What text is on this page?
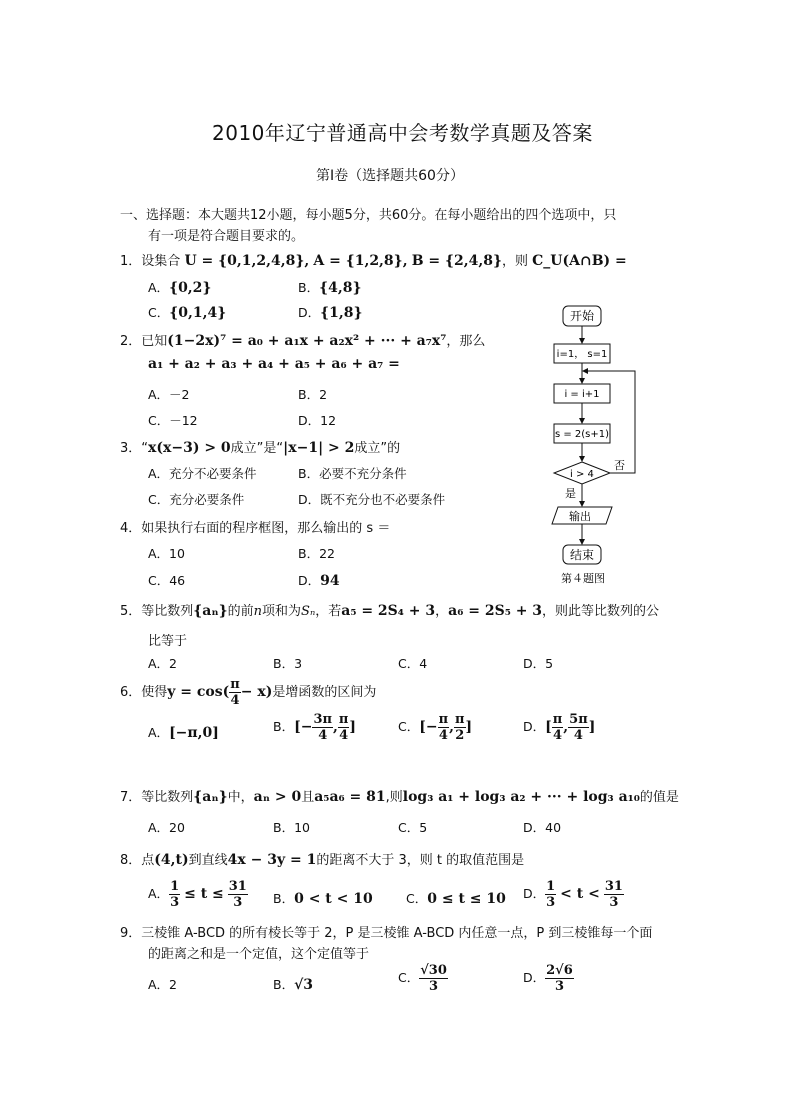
2010年辽宁普通高中会考数学真题及答案
第Ⅰ卷（选择题共60分）
一、选择题：本大题共12小题，每小题5分，共60分。在每小题给出的四个选项中，只
有一项是符合题目要求的。
1．设集合 U = {0,1,2,4,8}, A = {1,2,8}, B = {2,4,8}，则 C_U(A∩B) =
A．{0,2}	B．{4,8}
C．{0,1,4}	D．{1,8}
2．已知(1−2x)⁷ = a₀ + a₁x + a₂x² + ··· + a₇x⁷，那么
a₁ + a₂ + a₃ + a₄ + a₅ + a₆ + a₇ =
A．－2	B．2
C．－12	D．12
3．“x(x−3) > 0成立”是“|x−1| > 2成立”的
A．充分不必要条件	B．必要不充分条件
C．充分必要条件	D．既不充分也不必要条件
4．如果执行右面的程序框图，那么输出的 s ＝
A．10	B．22
C．46	D．94
开始
i=1， s=1
i = i+1
s = 2(s+1)
i > 4
否
是
输出
结束
第４题图
5．等比数列{aₙ}的前n项和为Sₙ，若a₅ = 2S₄ + 3，a₆ = 2S₅ + 3，则此等比数列的公
比等于
A．2	B．3	C．4	D．5
6．使得$y = \cos( \frac{\pi}{4} - x)$是增函数的区间为
A．[−π,0]	B．[− $\frac{3\pi}{4}$ , $\frac{\pi}{4}$ ]	C．[− $\frac{\pi}{4}$ , $\frac{\pi}{2}$ ]	D．[ $\frac{\pi}{4}$ , $\frac{5\pi}{4}$ ]
7．等比数列{aₙ}中，aₙ > 0且a₅a₆ = 81,则log₃ a₁ + log₃ a₂ + ··· + log₃ a₁₀的值是
A．20	B．10	C．5	D．40
8．点(4,t)到直线4x − 3y = 1的距离不大于 3，则 t 的取值范围是
A． $\frac{1}{3} \le t \le \frac{31}{3}$ B．0 < t < 10	C．0 ≤ t ≤ 10 D． $\frac{1}{3} < t < \frac{31}{3}$
9．三棱锥 A-BCD 的所有棱长等于 2，P 是三棱锥 A-BCD 内任意一点，P 到三棱锥每一个面
的距离之和是一个定值，这个定值等于
A．2	B．√3	C． $\frac{√30}{3}$	D． $\frac{2√6}{3}$
